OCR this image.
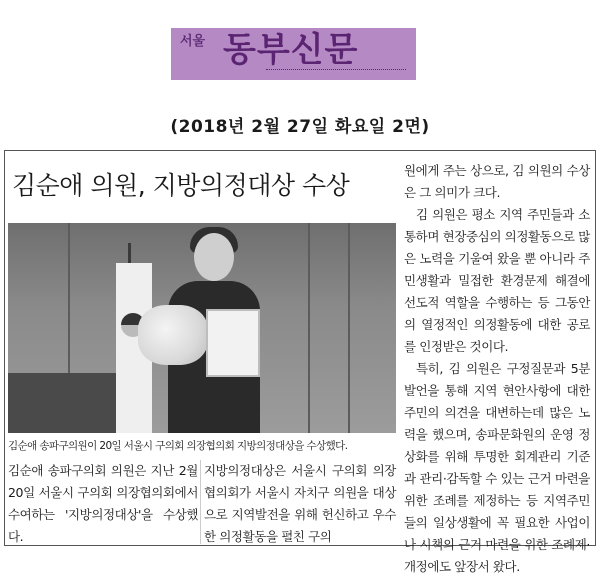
서울 동부신문
(2018년 2월 27일 화요일 2면)
김순애 의원, 지방의정대상 수상
김순애 송파구의원이 20일 서울시 구의회 의장협의회 지방의정대상을 수상했다.

김순애 송파구의회 의원은 지난 2월 20일 서울시 구의회 의장협의회에서 수여하는 '지방의정대상'을 수상했다.

지방의정대상은 서울시 구의회 의장협의회가 서울시 자치구 의원을 대상으로 지역발전을 위해 헌신하고 우수한 의정활동을 펼친 구의

원에게 주는 상으로, 김 의원의 수상은 그 의미가 크다.
김 의원은 평소 지역 주민들과 소통하며 현장중심의 의정활동으로 많은 노력을 기울여 왔을 뿐 아니라 주민생활과 밀접한 환경문제 해결에 선도적 역할을 수행하는 등 그동안의 열정적인 의정활동에 대한 공로를 인정받은 것이다.
특히, 김 의원은 구정질문과 5분발언을 통해 지역 현안사항에 대한 주민의 의견을 대변하는데 많은 노력을 했으며, 송파문화원의 운영 정상화를 위해 투명한 회계관리 기준과 관리·감독할 수 있는 근거 마련을 위한 조례를 제정하는 등 지역주민들의 일상생활에 꼭 필요한 사업이나 시책의 근거 마련을 위한 조례제·개정에도 앞장서 왔다.
